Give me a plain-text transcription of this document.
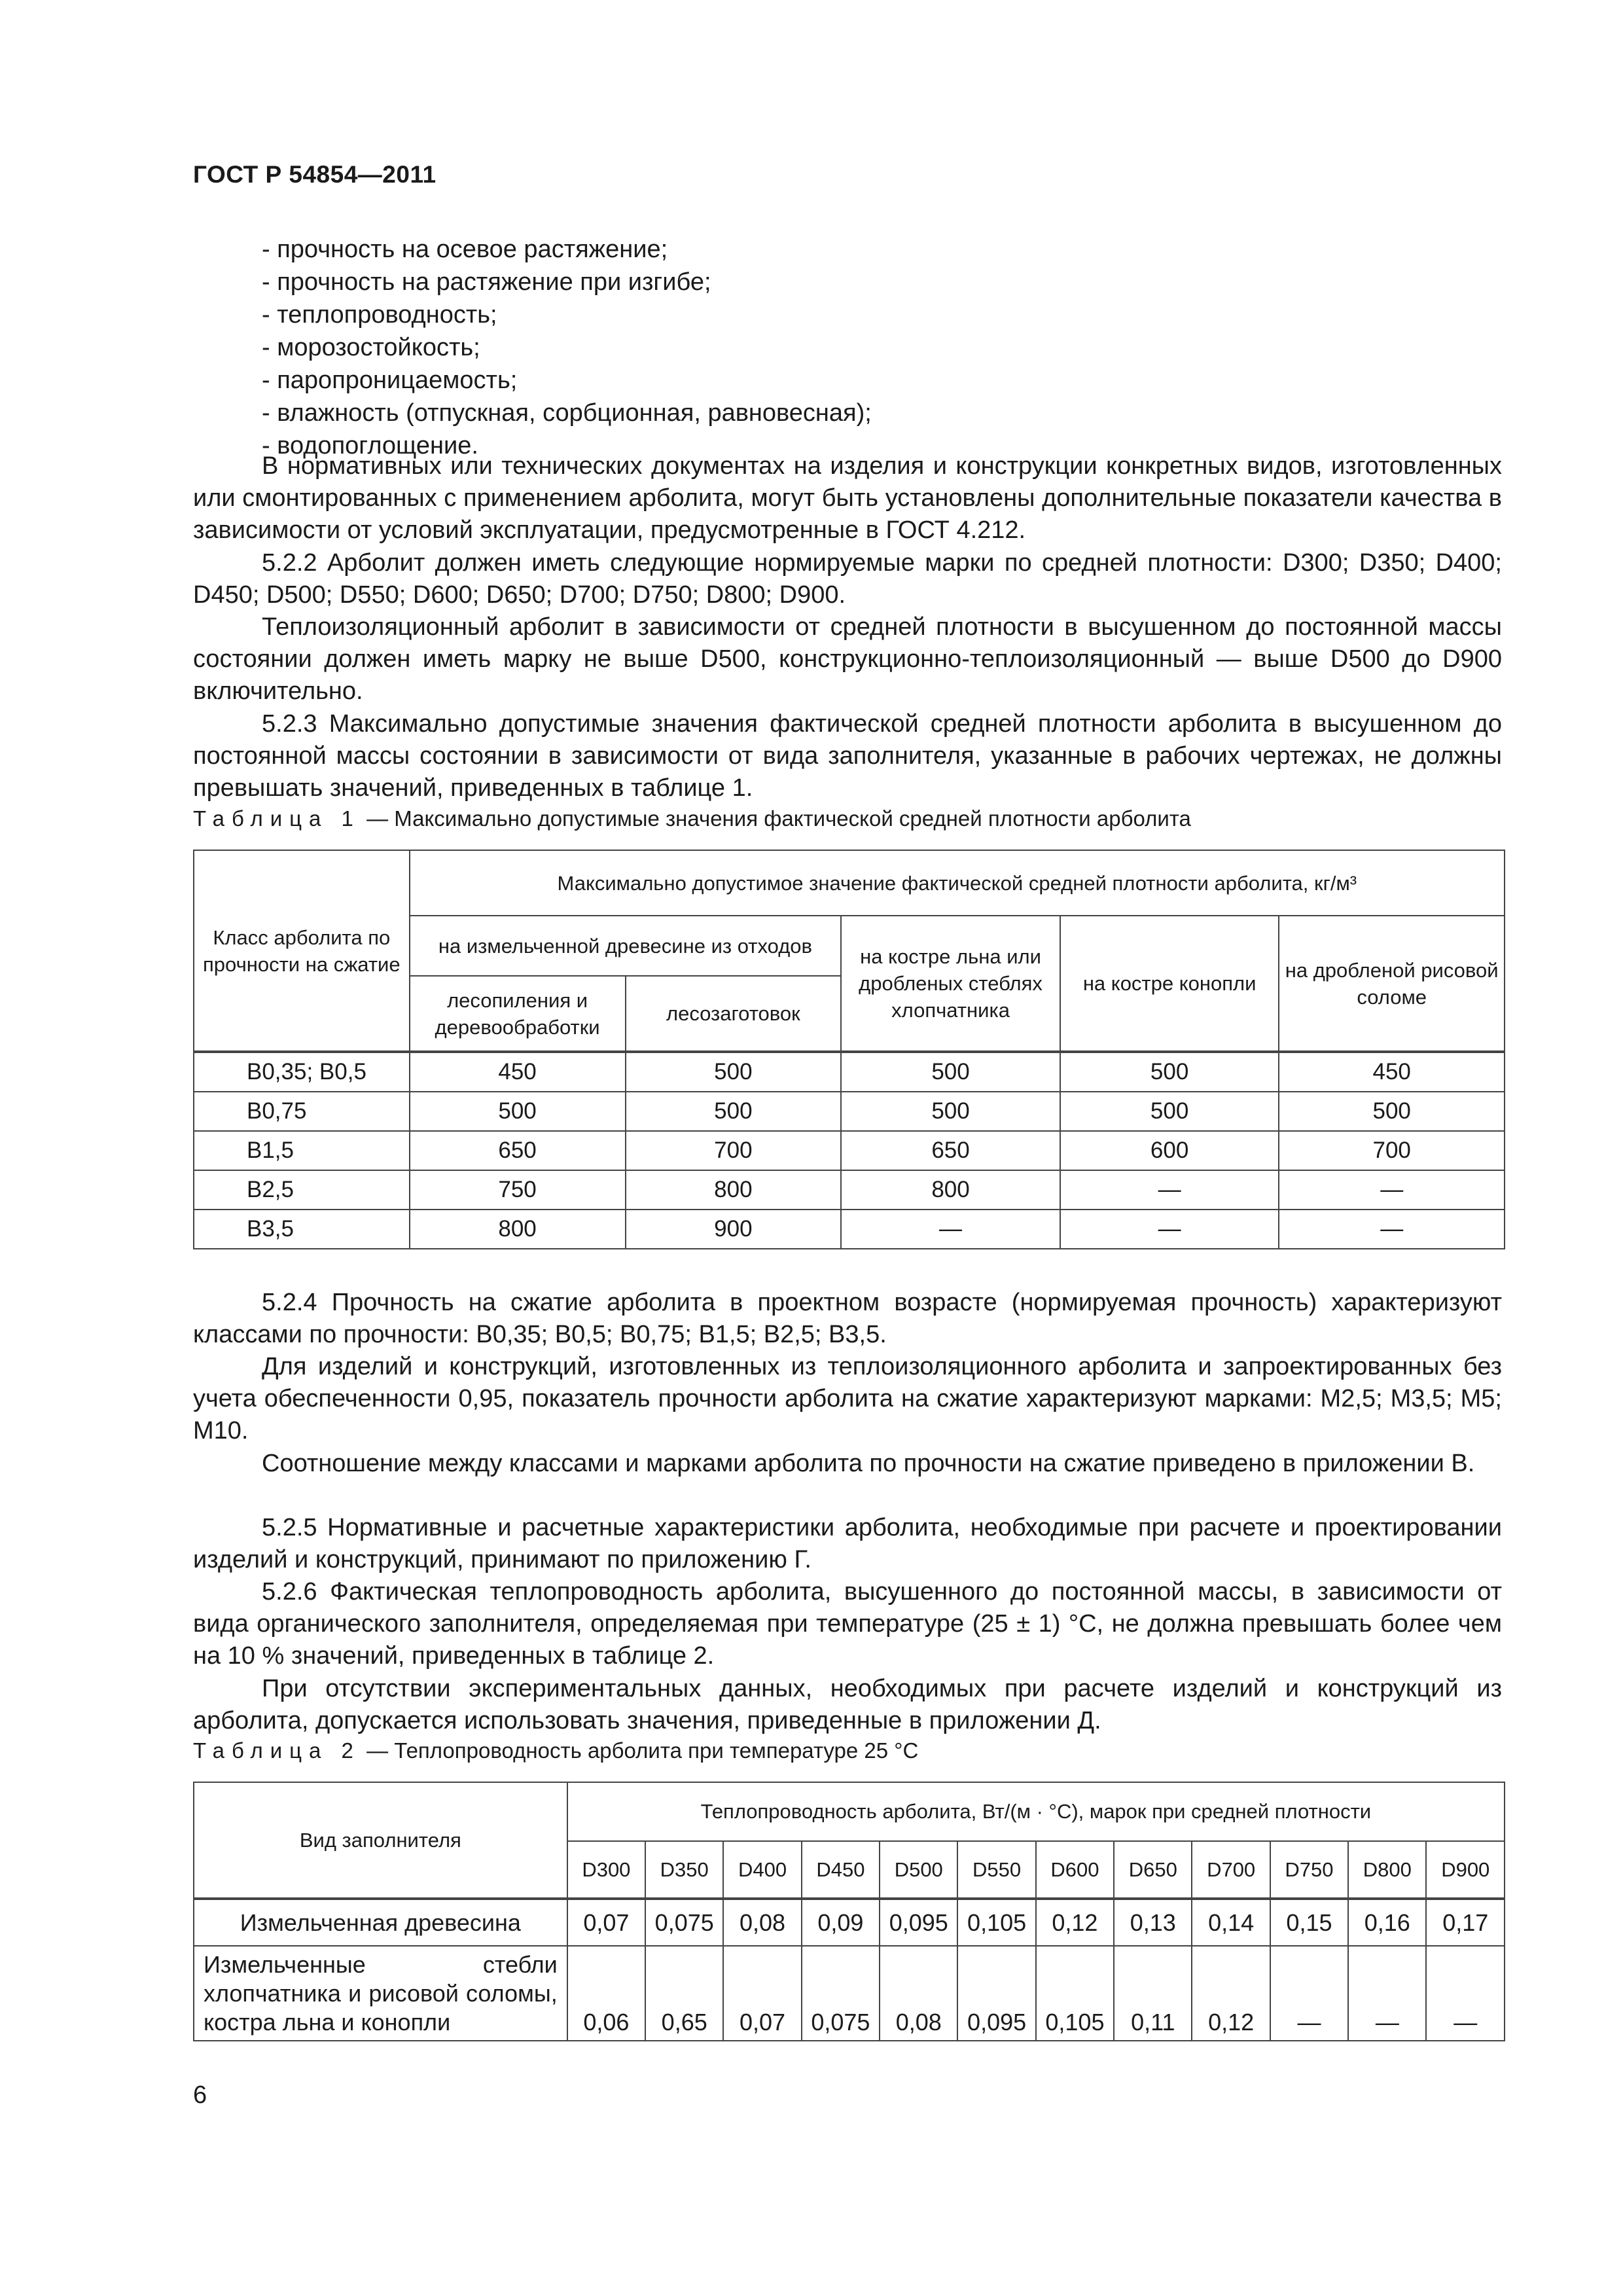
ГОСТ Р 54854—2011
- прочность на осевое растяжение;
- прочность на растяжение при изгибе;
- теплопроводность;
- морозостойкость;
- паропроницаемость;
- влажность (отпускная, сорбционная, равновесная);
- водопоглощение.
В нормативных или технических документах на изделия и конструкции конкретных видов, изготовленных или смонтированных с применением арболита, могут быть установлены дополнительные показатели качества в зависимости от условий эксплуатации, предусмотренные в ГОСТ 4.212.
5.2.2 Арболит должен иметь следующие нормируемые марки по средней плотности: D300; D350; D400; D450; D500; D550; D600; D650; D700; D750; D800; D900.
Теплоизоляционный арболит в зависимости от средней плотности в высушенном до постоянной массы состоянии должен иметь марку не выше D500, конструкционно-теплоизоляционный — выше D500 до D900 включительно.
5.2.3 Максимально допустимые значения фактической средней плотности арболита в высушенном до постоянной массы состоянии в зависимости от вида заполнителя, указанные в рабочих чертежах, не должны превышать значений, приведенных в таблице 1.
Таблица 1 — Максимально допустимые значения фактической средней плотности арболита
Класс арболита по прочности на сжатие	Максимально допустимое значение фактической средней плотности арболита, кг/м³				
	на измельченной древесине из отходов		на костре льна или дробленых стеблях хлопчатника	на костре конопли	на дробленой рисовой соломе
	лесопиления и деревообработки	лесозаготовок			
B0,35; B0,5	450	500	500	500	450
B0,75	500	500	500	500	500
B1,5	650	700	650	600	700
B2,5	750	800	800	—	—
B3,5	800	900	—	—	—
5.2.4 Прочность на сжатие арболита в проектном возрасте (нормируемая прочность) характеризуют классами по прочности: B0,35; B0,5; B0,75; B1,5; B2,5; B3,5.
Для изделий и конструкций, изготовленных из теплоизоляционного арболита и запроектированных без учета обеспеченности 0,95, показатель прочности арболита на сжатие характеризуют марками: M2,5; M3,5; M5; M10.
Соотношение между классами и марками арболита по прочности на сжатие приведено в приложении В.
5.2.5 Нормативные и расчетные характеристики арболита, необходимые при расчете и проектировании изделий и конструкций, принимают по приложению Г.
5.2.6 Фактическая теплопроводность арболита, высушенного до постоянной массы, в зависимости от вида органического заполнителя, определяемая при температуре (25 ± 1) °С, не должна превышать более чем на 10 % значений, приведенных в таблице 2.
При отсутствии экспериментальных данных, необходимых при расчете изделий и конструкций из арболита, допускается использовать значения, приведенные в приложении Д.
Таблица 2 — Теплопроводность арболита при температуре 25 °С
Вид заполнителя	Теплопроводность арболита, Вт/(м · °С), марок при средней плотности											
	D300	D350	D400	D450	D500	D550	D600	D650	D700	D750	D800	D900
Измельченная древесина	0,07	0,075	0,08	0,09	0,095	0,105	0,12	0,13	0,14	0,15	0,16	0,17
Измельченные стебли хлопчатника и рисовой соломы, костра льна и конопли	0,06	0,65	0,07	0,075	0,08	0,095	0,105	0,11	0,12	—	—	—
6
